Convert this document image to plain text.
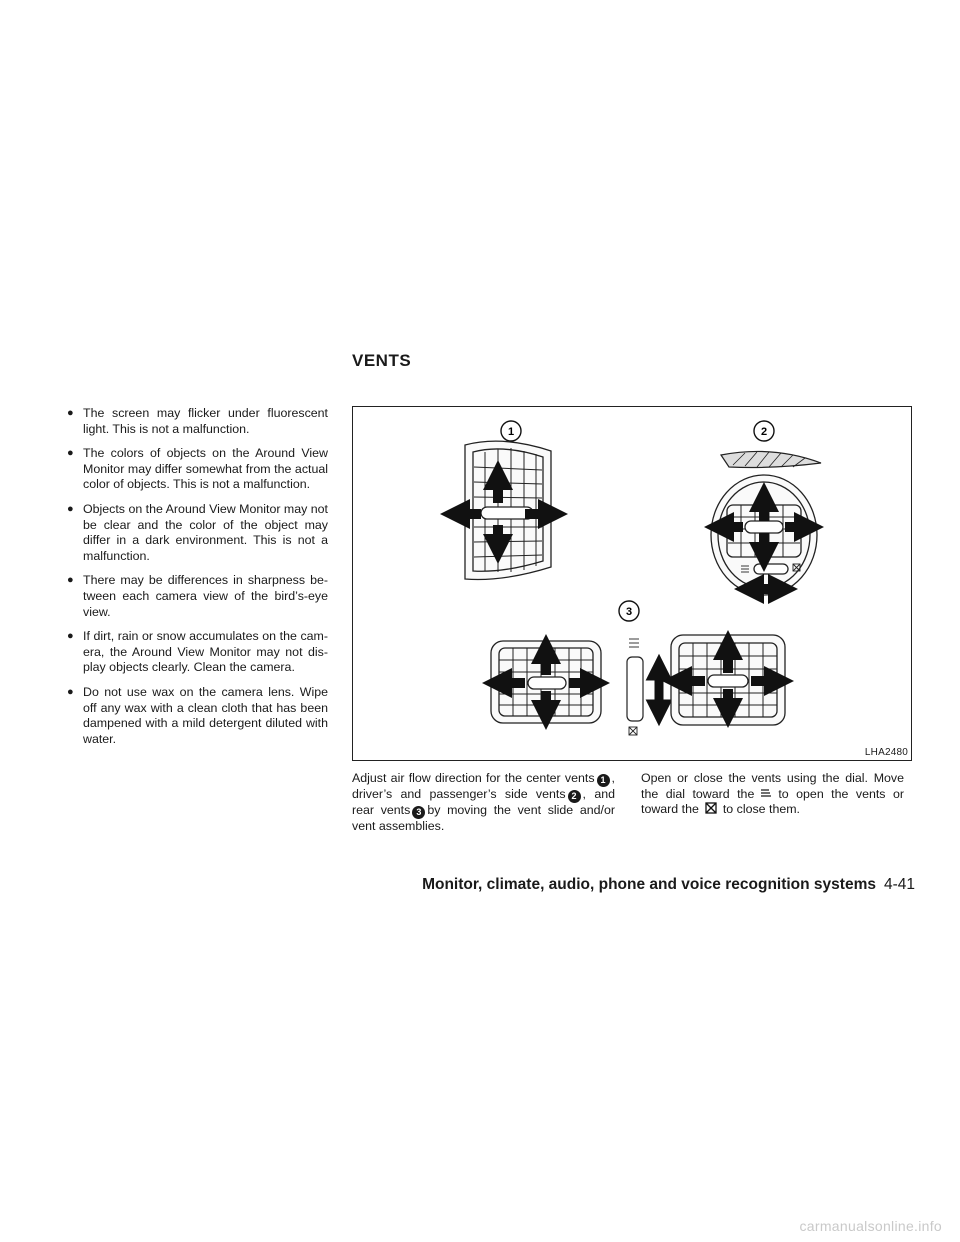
VENTS
● The screen may flicker under fluorescent light. This is not a malfunction.
● The colors of objects on the Around View Monitor may differ somewhat from the actual color of objects. This is not a malfunction.
● Objects on the Around View Monitor may not be clear and the color of the object may differ in a dark environment. This is not a malfunction.
● There may be differences in sharpness be- tween each camera view of the bird’s-eye view.
● If dirt, rain or snow accumulates on the cam- era, the Around View Monitor may not dis- play objects clearly. Clean the camera.
● Do not use wax on the camera lens. Wipe off any wax with a clean cloth that has been dampened with a mild detergent diluted with water.
1	2
3
LHA2480

Adjust air flow direction for the center vents 1 , driver’s and passenger’s side vents 2 , and rear vents 3 by moving the vent slide and/or vent assemblies.

Open or close the vents using the dial. Move the dial toward the to open the vents or toward the to close them.

Monitor, climate, audio, phone and voice recognition systems 4-41
carmanualsonline.info
